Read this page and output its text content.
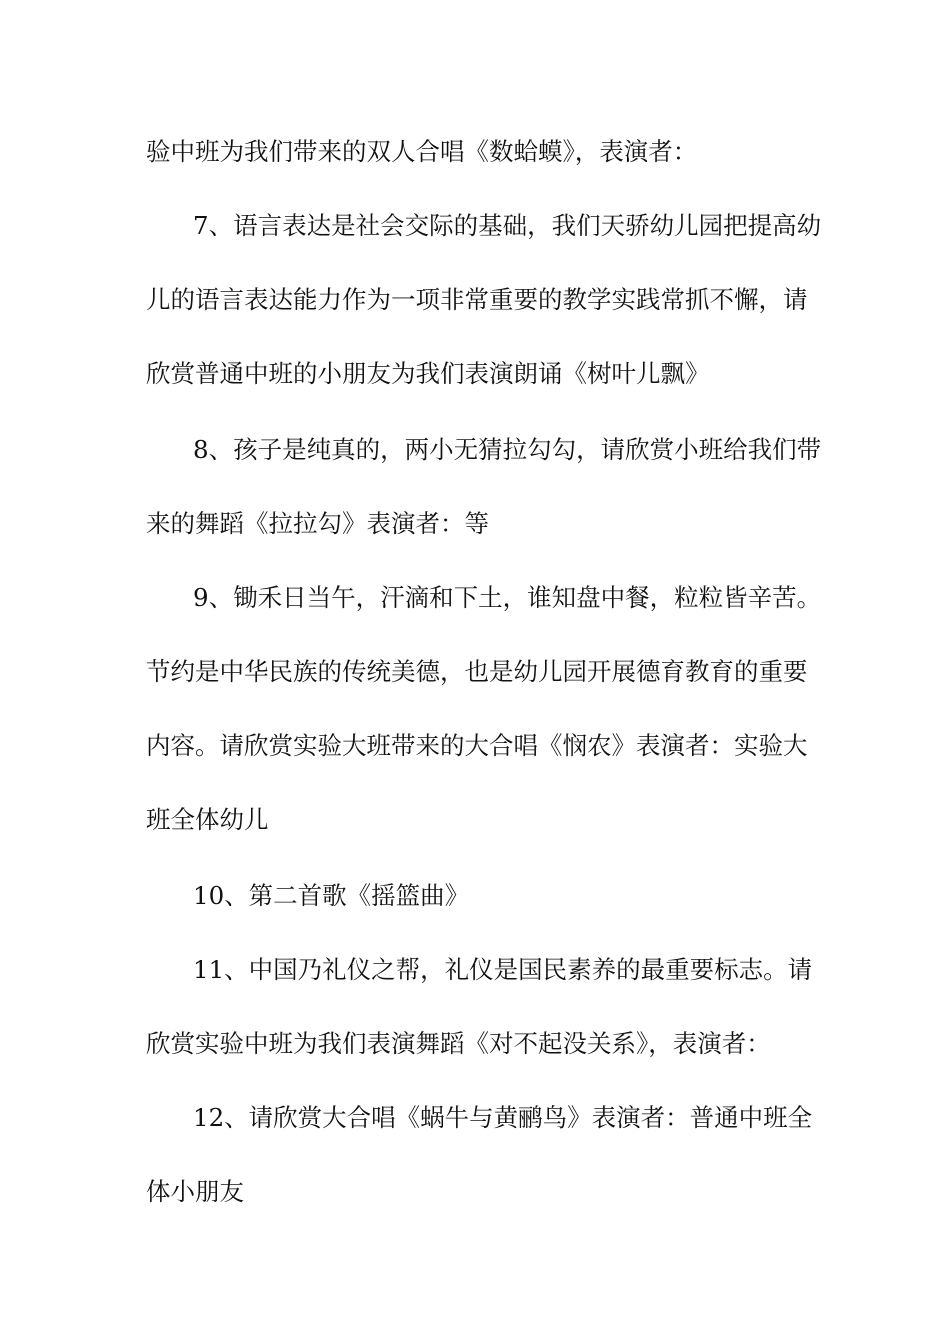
验中班为我们带来的双人合唱《数蛤蟆》，表演者：
7、语言表达是社会交际的基础，我们天骄幼儿园把提高幼
儿的语言表达能力作为一项非常重要的教学实践常抓不懈，请
欣赏普通中班的小朋友为我们表演朗诵《树叶儿飘》
8、孩子是纯真的，两小无猜拉勾勾，请欣赏小班给我们带
来的舞蹈《拉拉勾》表演者：等
9、锄禾日当午，汗滴和下土，谁知盘中餐，粒粒皆辛苦。
节约是中华民族的传统美德，也是幼儿园开展德育教育的重要
内容。请欣赏实验大班带来的大合唱《悯农》表演者：实验大
班全体幼儿
10、第二首歌《摇篮曲》
11、中国乃礼仪之帮，礼仪是国民素养的最重要标志。请
欣赏实验中班为我们表演舞蹈《对不起没关系》，表演者：
12、请欣赏大合唱《蜗牛与黄鹂鸟》表演者：普通中班全
体小朋友
